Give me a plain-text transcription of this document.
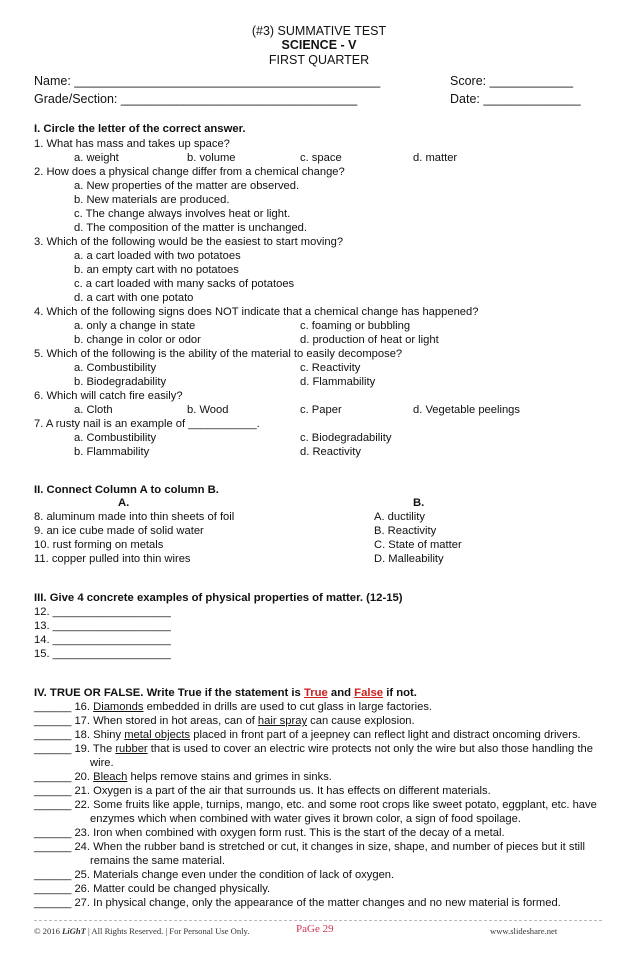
(#3) SUMMATIVE TEST
SCIENCE - V
FIRST QUARTER
Name: ____________________________________________	Score: ____________
Grade/Section: __________________________________	Date: ______________
I. Circle the letter of the correct answer.
1. What has mass and takes up space?
a. weight	b. volume	c. space	d. matter
2. How does a physical change differ from a chemical change?
a. New properties of the matter are observed.
b. New materials are produced.
c. The change always involves heat or light.
d. The composition of the matter is unchanged.
3. Which of the following would be the easiest to start moving?
a. a cart loaded with two potatoes
b. an empty cart with no potatoes
c. a cart loaded with many sacks of potatoes
d. a cart with one potato
4. Which of the following signs does NOT indicate that a chemical change has happened?
a. only a change in state	c. foaming or bubbling
b. change in color or odor	d. production of heat or light
5. Which of the following is the ability of the material to easily decompose?
a. Combustibility	c. Reactivity
b. Biodegradability	d. Flammability
6. Which will catch fire easily?
a. Cloth	b. Wood	c. Paper	d. Vegetable peelings
7. A rusty nail is an example of ___________.
a. Combustibility	c. Biodegradability
b. Flammability	d. Reactivity
II. Connect Column A to column B.
A.	B.
8. aluminum made into thin sheets of foil	A. ductility
9. an ice cube made of solid water	B. Reactivity
10. rust forming on metals	C. State of matter
11. copper pulled into thin wires	D. Malleability
III. Give 4 concrete examples of physical properties of matter. (12-15)
12. ___________________
13. ___________________
14. ___________________
15. ___________________
IV. TRUE OR FALSE. Write True if the statement is True and False if not.
______ 16. Diamonds embedded in drills are used to cut glass in large factories.
______ 17. When stored in hot areas, can of hair spray can cause explosion.
______ 18. Shiny metal objects placed in front part of a jeepney can reflect light and distract oncoming drivers.
______ 19. The rubber that is used to cover an electric wire protects not only the wire but also those handling the
wire.
______ 20. Bleach helps remove stains and grimes in sinks.
______ 21. Oxygen is a part of the air that surrounds us. It has effects on different materials.
______ 22. Some fruits like apple, turnips, mango, etc. and some root crops like sweet potato, eggplant, etc. have
enzymes which when combined with water gives it brown color, a sign of food spoilage.
______ 23. Iron when combined with oxygen form rust. This is the start of the decay of a metal.
______ 24. When the rubber band is stretched or cut, it changes in size, shape, and number of pieces but it still
remains the same material.
______ 25. Materials change even under the condition of lack of oxygen.
______ 26. Matter could be changed physically.
______ 27. In physical change, only the appearance of the matter changes and no new material is formed.
© 2016 LiGhT | All Rights Reserved. | For Personal Use Only.	PaGe 29	www.slideshare.net
